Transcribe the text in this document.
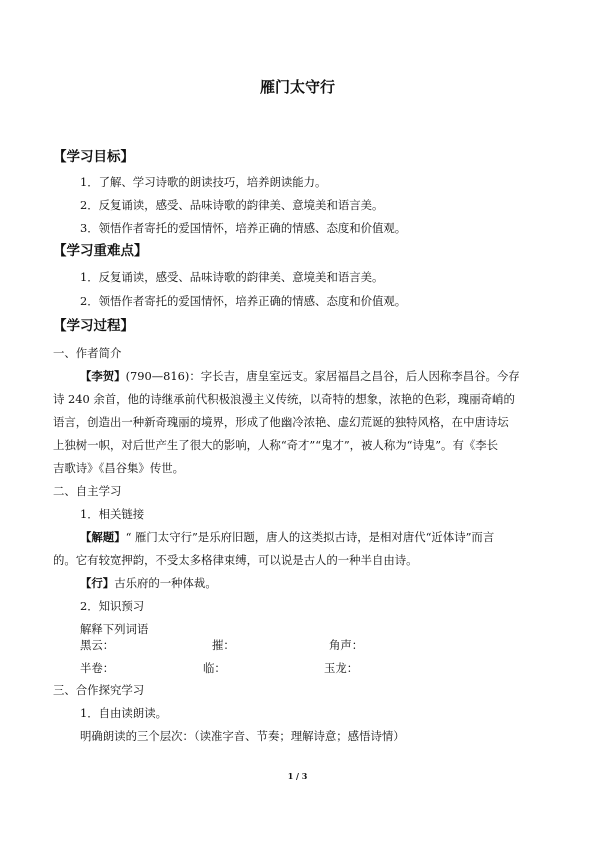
雁门太守行
【学习目标】
1．了解、学习诗歌的朗读技巧，培养朗读能力。
2．反复诵读，感受、品味诗歌的韵律美、意境美和语言美。
3．领悟作者寄托的爱国情怀，培养正确的情感、态度和价值观。
【学习重难点】
1．反复诵读，感受、品味诗歌的韵律美、意境美和语言美。
2．领悟作者寄托的爱国情怀，培养正确的情感、态度和价值观。
【学习过程】
一、作者简介
【李贺】(790—816)：字长吉，唐皇室远支。家居福昌之昌谷，后人因称李昌谷。今存
诗 240 余首，他的诗继承前代积极浪漫主义传统，以奇特的想象，浓艳的色彩，瑰丽奇峭的
语言，创造出一种新奇瑰丽的境界，形成了他幽冷浓艳、虚幻荒诞的独特风格，在中唐诗坛
上独树一帜，对后世产生了很大的影响，人称“奇才”“鬼才”，被人称为“诗鬼”。有《李长
吉歌诗》《昌谷集》传世。
二、自主学习
1．相关链接
【解题】“ 雁门太守行”是乐府旧题，唐人的这类拟古诗，是相对唐代“近体诗”而言
的。它有较宽押韵，不受太多格律束缚，可以说是古人的一种半自由诗。
【行】古乐府的一种体裁。
2．知识预习
解释下列词语
黑云：	摧：	角声：
半卷：	临：	玉龙：
三、合作探究学习
1．自由读朗读。
明确朗读的三个层次：（读准字音、节奏；理解诗意；感悟诗情）
1 / 3
